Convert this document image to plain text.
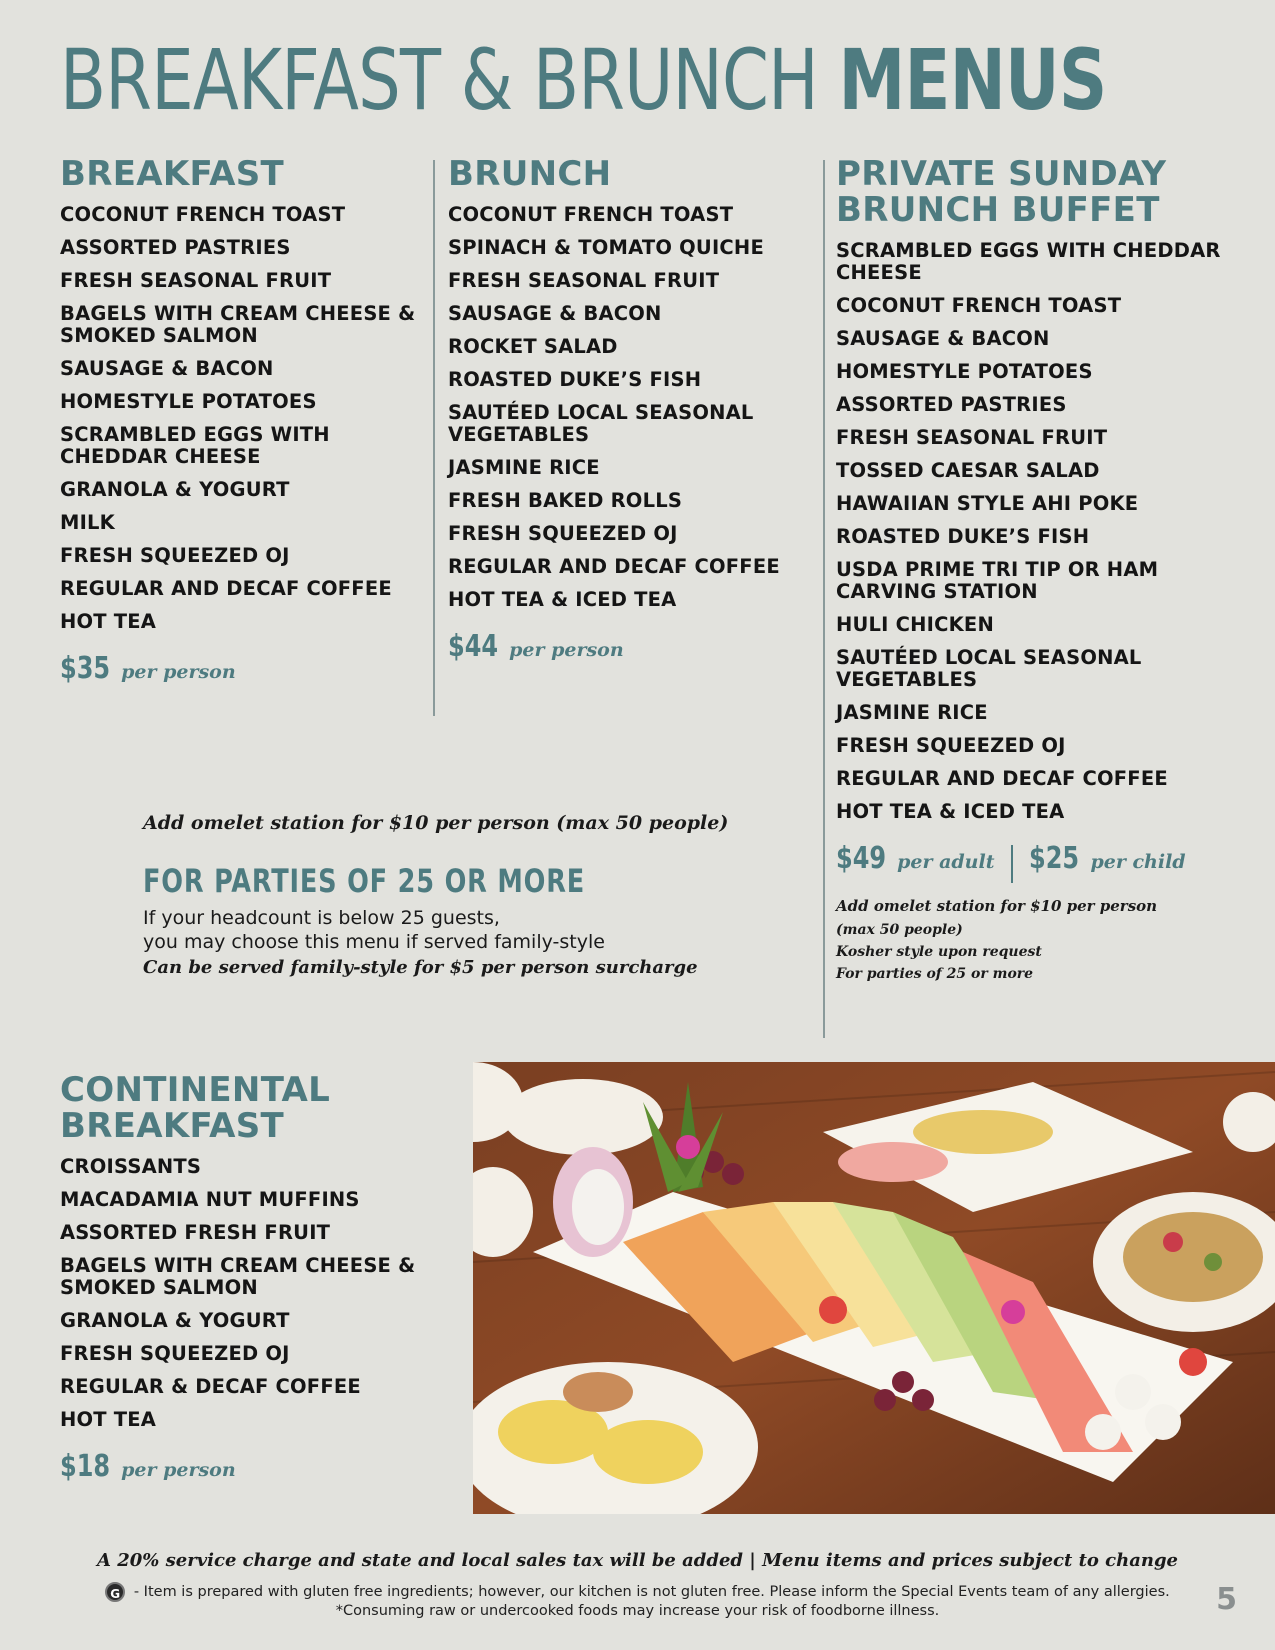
BREAKFAST & BRUNCH MENUS
BREAKFAST
COCONUT FRENCH TOAST
ASSORTED PASTRIES
FRESH SEASONAL FRUIT
BAGELS WITH CREAM CHEESE & SMOKED SALMON
SAUSAGE & BACON
HOMESTYLE POTATOES
SCRAMBLED EGGS WITH CHEDDAR CHEESE
GRANOLA & YOGURT
MILK
FRESH SQUEEZED OJ
REGULAR AND DECAF COFFEE
HOT TEA
$35 per person
BRUNCH
COCONUT FRENCH TOAST
SPINACH & TOMATO QUICHE
FRESH SEASONAL FRUIT
SAUSAGE & BACON
ROCKET SALAD
ROASTED DUKE’S FISH
SAUTÉED LOCAL SEASONAL VEGETABLES
JASMINE RICE
FRESH BAKED ROLLS
FRESH SQUEEZED OJ
REGULAR AND DECAF COFFEE
HOT TEA & ICED TEA
$44 per person
PRIVATE SUNDAY
BRUNCH BUFFET
SCRAMBLED EGGS WITH CHEDDAR CHEESE
COCONUT FRENCH TOAST
SAUSAGE & BACON
HOMESTYLE POTATOES
ASSORTED PASTRIES
FRESH SEASONAL FRUIT
TOSSED CAESAR SALAD
HAWAIIAN STYLE AHI POKE
ROASTED DUKE’S FISH
USDA PRIME TRI TIP OR HAM CARVING STATION
HULI CHICKEN
SAUTÉED LOCAL SEASONAL VEGETABLES
JASMINE RICE
FRESH SQUEEZED OJ
REGULAR AND DECAF COFFEE
HOT TEA & ICED TEA
$49 per adult $25 per child
Add omelet station for $10 per person
(max 50 people)
Kosher style upon request
For parties of 25 or more
Add omelet station for $10 per person (max 50 people)
FOR PARTIES OF 25 OR MORE
If your headcount is below 25 guests,
you may choose this menu if served family-style
Can be served family-style for $5 per person surcharge
CONTINENTAL
BREAKFAST
CROISSANTS
MACADAMIA NUT MUFFINS
ASSORTED FRESH FRUIT
BAGELS WITH CREAM CHEESE & SMOKED SALMON
GRANOLA & YOGURT
FRESH SQUEEZED OJ
REGULAR & DECAF COFFEE
HOT TEA
$18 per person
A 20% service charge and state and local sales tax will be added | Menu items and prices subject to change
G - Item is prepared with gluten free ingredients; however, our kitchen is not gluten free. Please inform the Special Events team of any allergies.
*Consuming raw or undercooked foods may increase your risk of foodborne illness.	5
